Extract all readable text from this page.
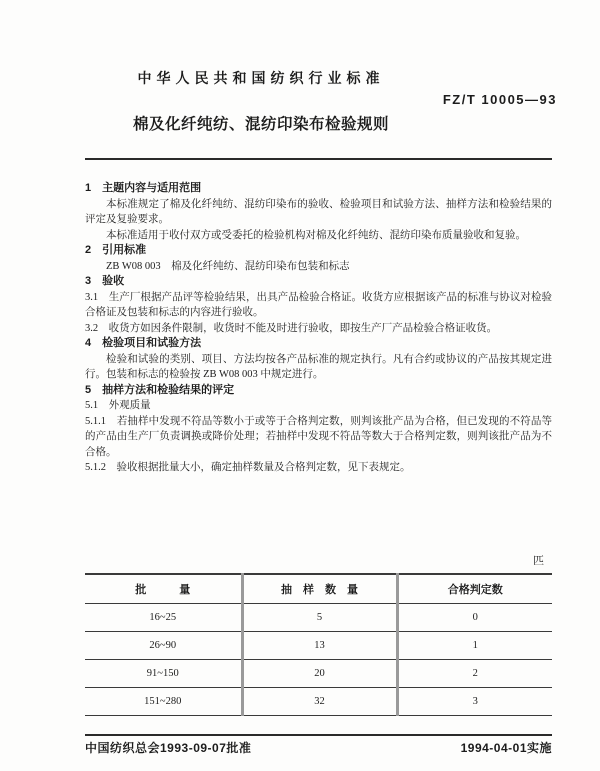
中华人民共和国纺织行业标准
FZ/T 10005—93
棉及化纤纯纺、混纺印染布检验规则

1　主题内容与适用范围

本标准规定了棉及化纤纯纺、混纺印染布的验收、检验项目和试验方法、抽样方法和检验结果的评定及复验要求。

本标准适用于收付双方或受委托的检验机构对棉及化纤纯纺、混纺印染布质量验收和复验。

2　引用标准

ZB W08 003　棉及化纤纯纺、混纺印染布包装和标志

3　验收

3.1　生产厂根据产品评等检验结果，出具产品检验合格证。收货方应根据该产品的标准与协议对检验合格证及包装和标志的内容进行验收。

3.2　收货方如因条件限制，收货时不能及时进行验收，即按生产厂产品检验合格证收货。

4　检验项目和试验方法

检验和试验的类别、项目、方法均按各产品标准的规定执行。凡有合约或协议的产品按其规定进行。包装和标志的检验按 ZB W08 003 中规定进行。

5　抽样方法和检验结果的评定

5.1　外观质量

5.1.1　若抽样中发现不符品等数小于或等于合格判定数，则判该批产品为合格，但已发现的不符品等的产品由生产厂负责调换或降价处理；若抽样中发现不符品等数大于合格判定数，则判该批产品为不合格。

5.1.2　验收根据批量大小，确定抽样数量及合格判定数，见下表规定。

匹
批　　　量	抽　样　数　量	合格判定数
16~25	5	0
26~90	13	1
91~150	20	2
151~280	32	3
中国纺织总会1993-09-07批准	1994-04-01实施
